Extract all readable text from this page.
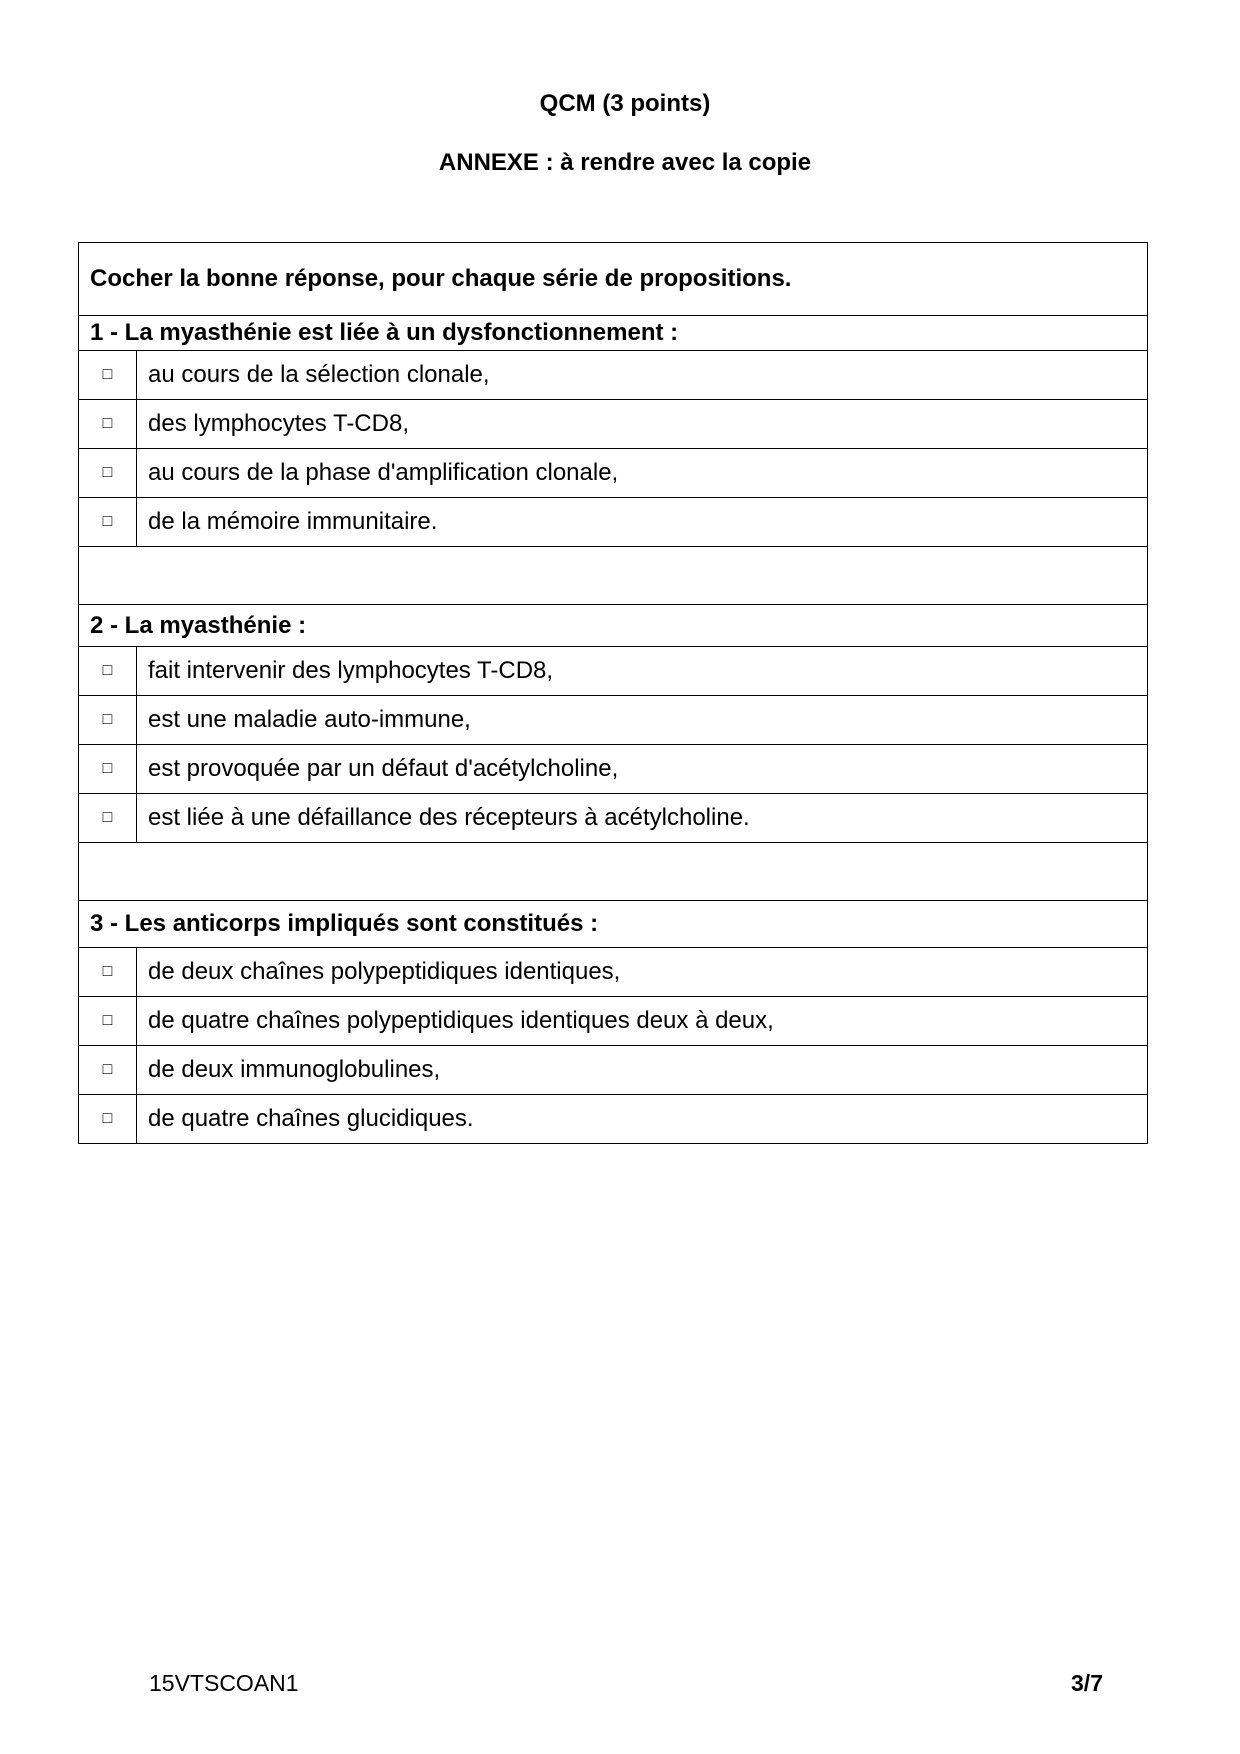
QCM (3 points)
ANNEXE : à rendre avec la copie
Cocher la bonne réponse, pour chaque série de propositions.	
1 - La myasthénie est liée à un dysfonctionnement :	
□	au cours de la sélection clonale,
□	des lymphocytes T-CD8,
□	au cours de la phase d'amplification clonale,
□	de la mémoire immunitaire.

2 - La myasthénie :	
□	fait intervenir des lymphocytes T-CD8,
□	est une maladie auto-immune,
□	est provoquée par un défaut d'acétylcholine,
□	est liée à une défaillance des récepteurs à acétylcholine.

3 - Les anticorps impliqués sont constitués :	
□	de deux chaînes polypeptidiques identiques,
□	de quatre chaînes polypeptidiques identiques deux à deux,
□	de deux immunoglobulines,
□	de quatre chaînes glucidiques.
15VTSCOAN1	3/7
